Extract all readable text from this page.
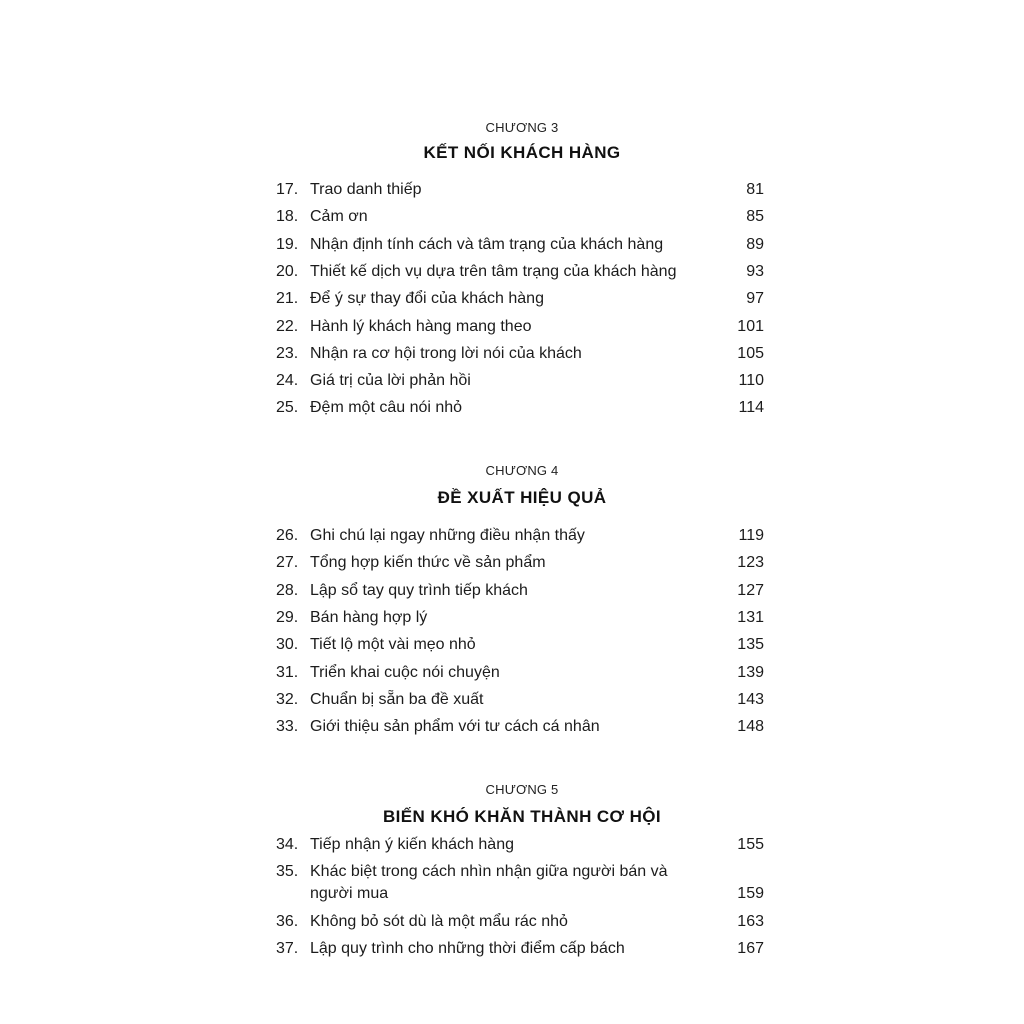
CHƯƠNG 3
KẾT NỐI KHÁCH HÀNG
17. Trao danh thiếp	81
18. Cảm ơn	85
19. Nhận định tính cách và tâm trạng của khách hàng	89
20. Thiết kế dịch vụ dựa trên tâm trạng của khách hàng	93
21. Để ý sự thay đổi của khách hàng	97
22. Hành lý khách hàng mang theo	101
23. Nhận ra cơ hội trong lời nói của khách	105
24. Giá trị của lời phản hồi	110
25. Đệm một câu nói nhỏ	114
CHƯƠNG 4
ĐỀ XUẤT HIỆU QUẢ
26. Ghi chú lại ngay những điều nhận thấy	119
27. Tổng hợp kiến thức về sản phẩm	123
28. Lập sổ tay quy trình tiếp khách	127
29. Bán hàng hợp lý	131
30. Tiết lộ một vài mẹo nhỏ	135
31. Triển khai cuộc nói chuyện	139
32. Chuẩn bị sẵn ba đề xuất	143
33. Giới thiệu sản phẩm với tư cách cá nhân	148
CHƯƠNG 5
BIẾN KHÓ KHĂN THÀNH CƠ HỘI
34. Tiếp nhận ý kiến khách hàng	155
35. Khác biệt trong cách nhìn nhận giữa người bán và người mua	159
36. Không bỏ sót dù là một mẩu rác nhỏ	163
37. Lập quy trình cho những thời điểm cấp bách	167
